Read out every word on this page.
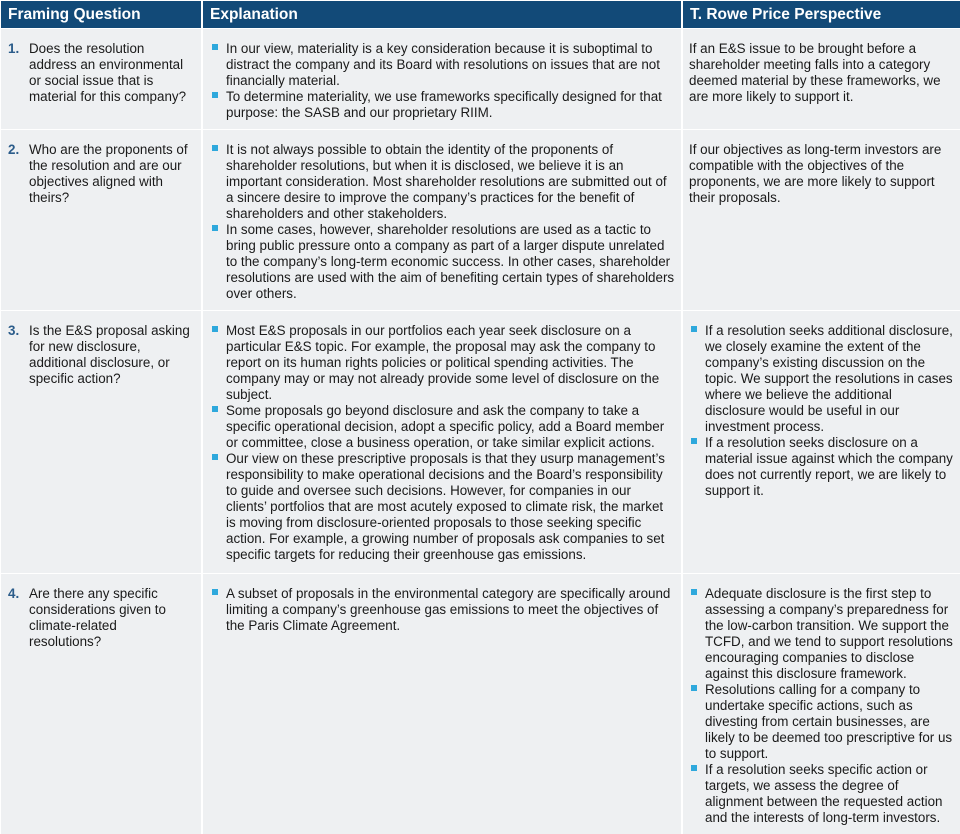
Framing Question	Explanation	T. Rowe Price Perspective
1. Does the resolution address an environmental or social issue that is material for this company?
In our view, materiality is a key consideration because it is suboptimal to distract the company and its Board with resolutions on issues that are not financially material.
To determine materiality, we use frameworks specifically designed for that purpose: the SASB and our proprietary RIIM.
If an E&S issue to be brought before a shareholder meeting falls into a category deemed material by these frameworks, we are more likely to support it.
2. Who are the proponents of the resolution and are our objectives aligned with theirs?
It is not always possible to obtain the identity of the proponents of shareholder resolutions, but when it is disclosed, we believe it is an important consideration. Most shareholder resolutions are submitted out of a sincere desire to improve the company’s practices for the benefit of shareholders and other stakeholders.
In some cases, however, shareholder resolutions are used as a tactic to bring public pressure onto a company as part of a larger dispute unrelated to the company’s long-term economic success. In other cases, shareholder resolutions are used with the aim of benefiting certain types of shareholders over others.
If our objectives as long-term investors are compatible with the objectives of the proponents, we are more likely to support their proposals.
3. Is the E&S proposal asking for new disclosure, additional disclosure, or specific action?
Most E&S proposals in our portfolios each year seek disclosure on a particular E&S topic. For example, the proposal may ask the company to report on its human rights policies or political spending activities. The company may or may not already provide some level of disclosure on the subject.
Some proposals go beyond disclosure and ask the company to take a specific operational decision, adopt a specific policy, add a Board member or committee, close a business operation, or take similar explicit actions.
Our view on these prescriptive proposals is that they usurp management’s responsibility to make operational decisions and the Board’s responsibility to guide and oversee such decisions. However, for companies in our clients’ portfolios that are most acutely exposed to climate risk, the market is moving from disclosure-oriented proposals to those seeking specific action. For example, a growing number of proposals ask companies to set specific targets for reducing their greenhouse gas emissions.
If a resolution seeks additional disclosure, we closely examine the extent of the company’s existing discussion on the topic. We support the resolutions in cases where we believe the additional disclosure would be useful in our investment process.
If a resolution seeks disclosure on a material issue against which the company does not currently report, we are likely to support it.
4. Are there any specific considerations given to climate-related resolutions?
A subset of proposals in the environmental category are specifically around limiting a company’s greenhouse gas emissions to meet the objectives of the Paris Climate Agreement.
Adequate disclosure is the first step to assessing a company’s preparedness for the low-carbon transition. We support the TCFD, and we tend to support resolutions encouraging companies to disclose against this disclosure framework.
Resolutions calling for a company to undertake specific actions, such as divesting from certain businesses, are likely to be deemed too prescriptive for us to support.
If a resolution seeks specific action or targets, we assess the degree of alignment between the requested action and the interests of long-term investors.
